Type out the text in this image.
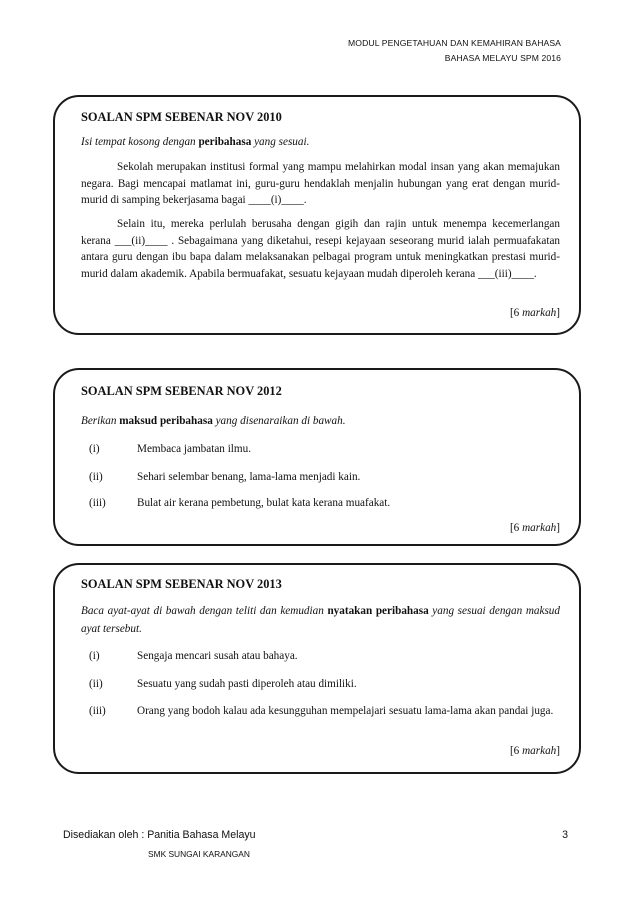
MODUL PENGETAHUAN DAN KEMAHIRAN BAHASA
BAHASA MELAYU SPM 2016
SOALAN SPM SEBENAR NOV 2010
Isi tempat kosong dengan peribahasa yang sesuai.
Sekolah merupakan institusi formal yang mampu melahirkan modal insan yang akan memajukan negara. Bagi mencapai matlamat ini, guru-guru hendaklah menjalin hubungan yang erat dengan murid-murid di samping bekerjasama bagai ____(i)____.
Selain itu, mereka perlulah berusaha dengan gigih dan rajin untuk menempa kecemerlangan kerana ___(ii)____ . Sebagaimana yang diketahui, resepi kejayaan seseorang murid ialah permuafakatan antara guru dengan ibu bapa dalam melaksanakan pelbagai program untuk meningkatkan prestasi murid-murid dalam akademik. Apabila bermuafakat, sesuatu kejayaan mudah diperoleh kerana ___(iii)____.
[6 markah]
SOALAN SPM SEBENAR NOV 2012
Berikan maksud peribahasa yang disenaraikan di bawah.
(i)	Membaca jambatan ilmu.
(ii)	Sehari selembar benang, lama-lama menjadi kain.
(iii)	Bulat air kerana pembetung, bulat kata kerana muafakat.
[6 markah]
SOALAN SPM SEBENAR NOV 2013
Baca ayat-ayat di bawah dengan teliti dan kemudian nyatakan peribahasa yang sesuai dengan maksud ayat tersebut.
(i)	Sengaja mencari susah atau bahaya.
(ii)	Sesuatu yang sudah pasti diperoleh atau dimiliki.
(iii)	Orang yang bodoh kalau ada kesungguhan mempelajari sesuatu lama-lama akan pandai juga.
[6 markah]
Disediakan oleh : Panitia Bahasa Melayu	3
SMK SUNGAI KARANGAN
